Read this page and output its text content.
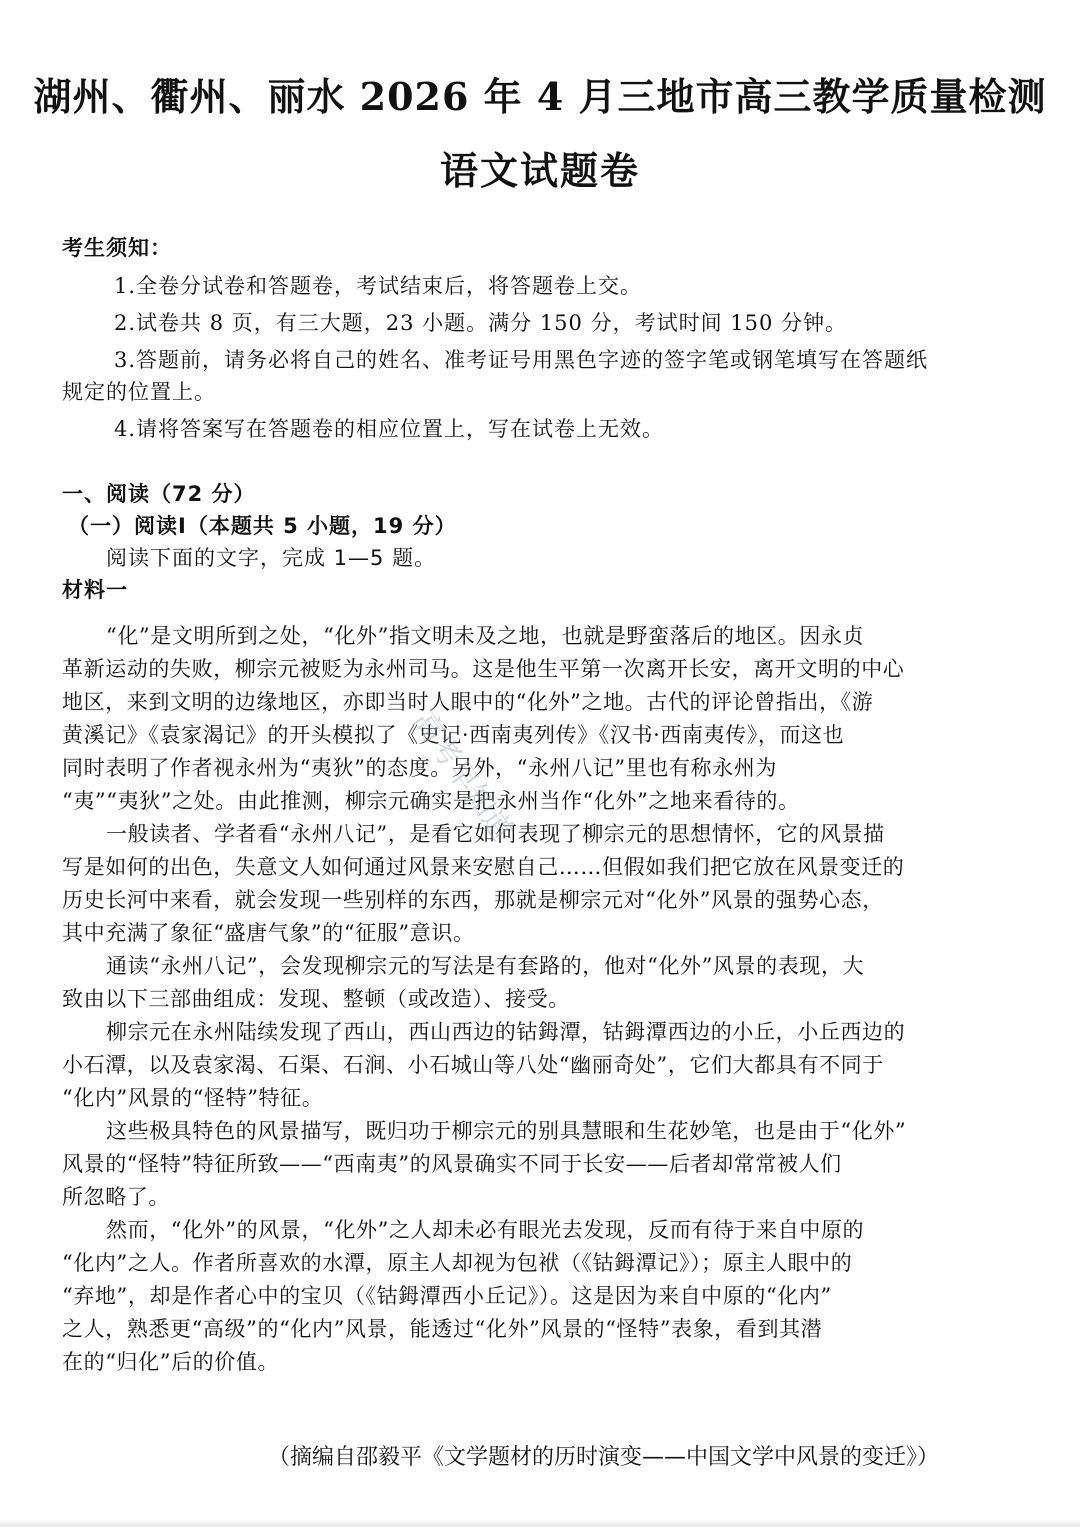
湖州、衢州、丽水 2026 年 4 月三地市高三教学质量检测
语文试题卷
考生须知：
1.全卷分试卷和答题卷，考试结束后，将答题卷上交。
2.试卷共 8 页，有三大题，23 小题。满分 150 分，考试时间 150 分钟。
3.答题前，请务必将自己的姓名、准考证号用黑色字迹的签字笔或钢笔填写在答题纸
规定的位置上。
4.请将答案写在答题卷的相应位置上，写在试卷上无效。
一、阅读（72 分）
（一）阅读I（本题共 5 小题，19 分）
阅读下面的文字，完成 1—5 题。
材料一
“化”是文明所到之处，“化外”指文明未及之地，也就是野蛮落后的地区。因永贞
革新运动的失败，柳宗元被贬为永州司马。这是他生平第一次离开长安，离开文明的中心
地区，来到文明的边缘地区，亦即当时人眼中的“化外”之地。古代的评论曾指出，《游
黄溪记》《袁家渴记》的开头模拟了《史记·西南夷列传》《汉书·西南夷传》，而这也
同时表明了作者视永州为“夷狄”的态度。另外，“永州八记”里也有称永州为
“夷”“夷狄”之处。由此推测，柳宗元确实是把永州当作“化外”之地来看待的。
一般读者、学者看“永州八记”，是看它如何表现了柳宗元的思想情怀，它的风景描
写是如何的出色，失意文人如何通过风景来安慰自己……但假如我们把它放在风景变迁的
历史长河中来看，就会发现一些别样的东西，那就是柳宗元对“化外”风景的强势心态，
其中充满了象征“盛唐气象”的“征服”意识。
通读“永州八记”，会发现柳宗元的写法是有套路的，他对“化外”风景的表现，大
致由以下三部曲组成：发现、整顿（或改造）、接受。
柳宗元在永州陆续发现了西山，西山西边的钴鉧潭，钴鉧潭西边的小丘，小丘西边的
小石潭，以及袁家渴、石渠、石涧、小石城山等八处“幽丽奇处”，它们大都具有不同于
“化内”风景的“怪特”特征。
这些极具特色的风景描写，既归功于柳宗元的别具慧眼和生花妙笔，也是由于“化外”
风景的“怪特”特征所致——“西南夷”的风景确实不同于长安——后者却常常被人们
所忽略了。
然而，“化外”的风景，“化外”之人却未必有眼光去发现，反而有待于来自中原的
“化内”之人。作者所喜欢的水潭，原主人却视为包袱（《钴鉧潭记》）；原主人眼中的
“弃地”，却是作者心中的宝贝（《钴鉧潭西小丘记》）。这是因为来自中原的“化内”
之人，熟悉更“高级”的“化内”风景，能透过“化外”风景的“怪特”表象，看到其潜
在的“归化”后的价值。
（摘编自邵毅平《文学题材的历时演变——中国文学中风景的变迁》）
高考早知道
